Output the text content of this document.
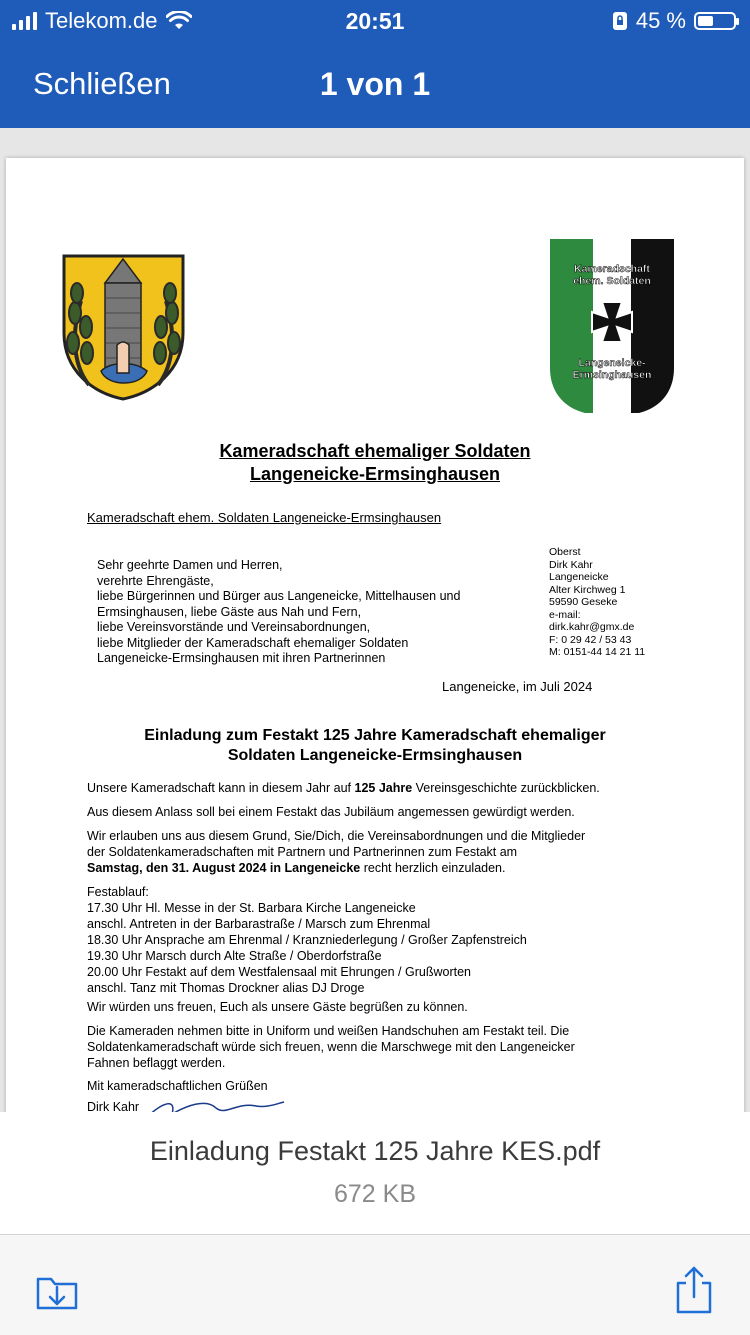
Telekom.de	20:51	45 %
Schließen	1 von 1
Kameradschaft
ehem. Soldaten
Langeneicke-
Ermsinghausen
Kameradschaft ehemaliger Soldaten
Langeneicke-Ermsinghausen
Kameradschaft ehem. Soldaten Langeneicke-Ermsinghausen
Sehr geehrte Damen und Herren,
verehrte Ehrengäste,
liebe Bürgerinnen und Bürger aus Langeneicke, Mittelhausen und
Ermsinghausen, liebe Gäste aus Nah und Fern,
liebe Vereinsvorstände und Vereinsabordnungen,
liebe Mitglieder der Kameradschaft ehemaliger Soldaten
Langeneicke-Ermsinghausen mit ihren Partnerinnen
Oberst
Dirk Kahr
Langeneicke
Alter Kirchweg 1
59590 Geseke
e-mail:
dirk.kahr@gmx.de
F: 0 29 42 / 53 43
M: 0151-44 14 21 11
Langeneicke, im Juli 2024
Einladung zum Festakt 125 Jahre Kameradschaft ehemaliger
Soldaten Langeneicke-Ermsinghausen
Unsere Kameradschaft kann in diesem Jahr auf 125 Jahre Vereinsgeschichte zurückblicken.
Aus diesem Anlass soll bei einem Festakt das Jubiläum angemessen gewürdigt werden.
Wir erlauben uns aus diesem Grund, Sie/Dich, die Vereinsabordnungen und die Mitglieder
der Soldatenkameradschaften mit Partnern und Partnerinnen zum Festakt am
Samstag, den 31. August 2024 in Langeneicke recht herzlich einzuladen.
Festablauf:
17.30 Uhr Hl. Messe in der St. Barbara Kirche Langeneicke
anschl. Antreten in der Barbarastraße / Marsch zum Ehrenmal
18.30 Uhr Ansprache am Ehrenmal / Kranzniederlegung / Großer Zapfenstreich
19.30 Uhr Marsch durch Alte Straße / Oberdorfstraße
20.00 Uhr Festakt auf dem Westfalensaal mit Ehrungen / Grußworten
anschl. Tanz mit Thomas Drockner alias DJ Droge
Wir würden uns freuen, Euch als unsere Gäste begrüßen zu können.
Die Kameraden nehmen bitte in Uniform und weißen Handschuhen am Festakt teil. Die
Soldatenkameradschaft würde sich freuen, wenn die Marschwege mit den Langeneicker
Fahnen beflaggt werden.
Mit kameradschaftlichen Grüßen
Dirk Kahr
Einladung Festakt 125 Jahre KES.pdf
672 KB
